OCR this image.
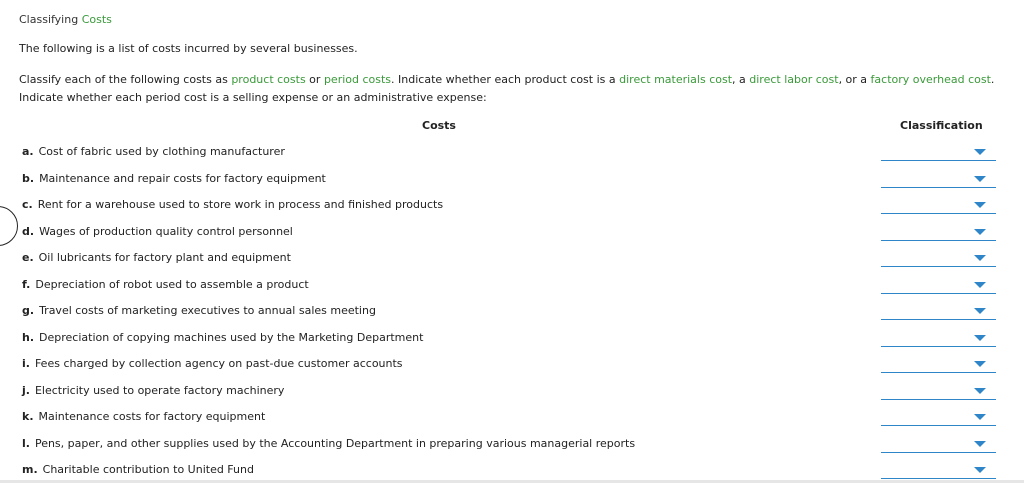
Classifying Costs
The following is a list of costs incurred by several businesses.
Classify each of the following costs as product costs or period costs. Indicate whether each product cost is a direct materials cost, a direct labor cost, or a factory overhead cost.
Indicate whether each period cost is a selling expense or an administrative expense:
Costs	Classification
a. Cost of fabric used by clothing manufacturer
b. Maintenance and repair costs for factory equipment
c. Rent for a warehouse used to store work in process and finished products
d. Wages of production quality control personnel
e. Oil lubricants for factory plant and equipment
f. Depreciation of robot used to assemble a product
g. Travel costs of marketing executives to annual sales meeting
h. Depreciation of copying machines used by the Marketing Department
i. Fees charged by collection agency on past-due customer accounts
j. Electricity used to operate factory machinery
k. Maintenance costs for factory equipment
l. Pens, paper, and other supplies used by the Accounting Department in preparing various managerial reports
m. Charitable contribution to United Fund
